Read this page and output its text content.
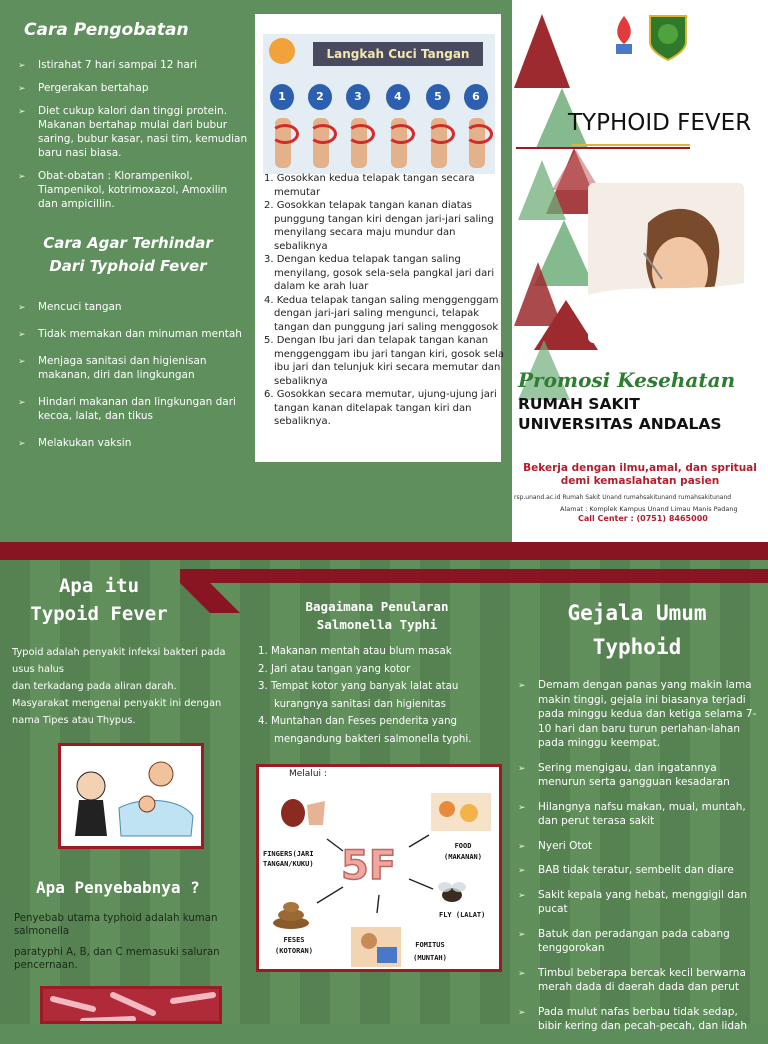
Cara Pengobatan
➢ Istirahat 7 hari sampai 12 hari
➢ Pergerakan bertahap
➢ Diet cukup kalori dan tinggi protein. Makanan bertahap mulai dari bubur saring, bubur kasar, nasi tim, kemudian baru nasi biasa.
➢ Obat-obatan : Klorampenikol, Tiampenikol, kotrimoxazol, Amoxilin dan ampicillin.
Cara Agar Terhindar
Dari Typhoid Fever
➢ Mencuci tangan
➢ Tidak memakan dan minuman mentah
➢ Menjaga sanitasi dan higienisan makanan, diri dan lingkungan
➢ Hindari makanan dan lingkungan dari kecoa, lalat, dan tikus
➢ Melakukan vaksin
Langkah Cuci Tangan
1	2	3	4	5	6
1. Gosokkan kedua telapak tangan secara memutar
2. Gosokkan telapak tangan kanan diatas punggung tangan kiri dengan jari-jari saling menyilang secara maju mundur dan sebaliknya
3. Dengan kedua telapak tangan saling menyilang, gosok sela-sela pangkal jari dari dalam ke arah luar
4. Kedua telapak tangan saling menggenggam dengan jari-jari saling mengunci, telapak tangan dan punggung jari saling menggosok
5. Dengan Ibu jari dan telapak tangan kanan menggenggam ibu jari tangan kiri, gosok sela ibu jari dan telunjuk kiri secara memutar dan sebaliknya
6. Gosokkan secara memutar, ujung-ujung jari tangan kanan ditelapak tangan kiri dan sebaliknya.
TYPHOID FEVER
Promosi Kesehatan
RUMAH SAKIT
UNIVERSITAS ANDALAS
Bekerja dengan ilmu,amal, dan spritual
demi kemaslahatan pasien
rsp.unand.ac.id Rumah Sakit Unand rumahsakitunand rumahsakitunand
Alamat : Komplek Kampus Unand Limau Manis Padang
Call Center : (0751) 8465000
Apa itu
Typoid Fever
Typoid adalah penyakit infeksi bakteri pada usus halus
dan terkadang pada aliran darah.
Masyarakat mengenai penyakit ini dengan nama Tipes atau Thypus.
Apa Penyebabnya ?
Penyebab utama typhoid adalah kuman salmonella
paratyphi A, B, dan C memasuki saluran pencernaan.
Bagaimana Penularan
Salmonella Typhi
1. Makanan mentah atau blum masak
2. Jari atau tangan yang kotor
3. Tempat kotor yang banyak lalat atau kurangnya sanitasi dan higienitas
4. Muntahan dan Feses penderita yang mengandung bakteri salmonella typhi.
Melalui :
FINGERS(JARI TANGAN/KUKU) 5F	FOOD
(MAKANAN)
FLY (LALAT)
FESES
(KOTORAN)
FOMITUS
(MUNTAH)
Gejala Umum
Typhoid
➢ Demam dengan panas yang makin lama makin tinggi, gejala ini biasanya terjadi pada minggu kedua dan ketiga selama 7-10 hari dan baru turun perlahan-lahan pada minggu keempat.
➢ Sering mengigau, dan ingatannya menurun serta gangguan kesadaran
➢ Hilangnya nafsu makan, mual, muntah, dan perut terasa sakit
➢ Nyeri Otot
➢ BAB tidak teratur, sembelit dan diare
➢ Sakit kepala yang hebat, menggigil dan pucat
➢ Batuk dan peradangan pada cabang tenggorokan
➢ Timbul beberapa bercak kecil berwarna merah dada di daerah dada dan perut
➢ Pada mulut nafas berbau tidak sedap, bibir kering dan pecah-pecah, dan lidah
